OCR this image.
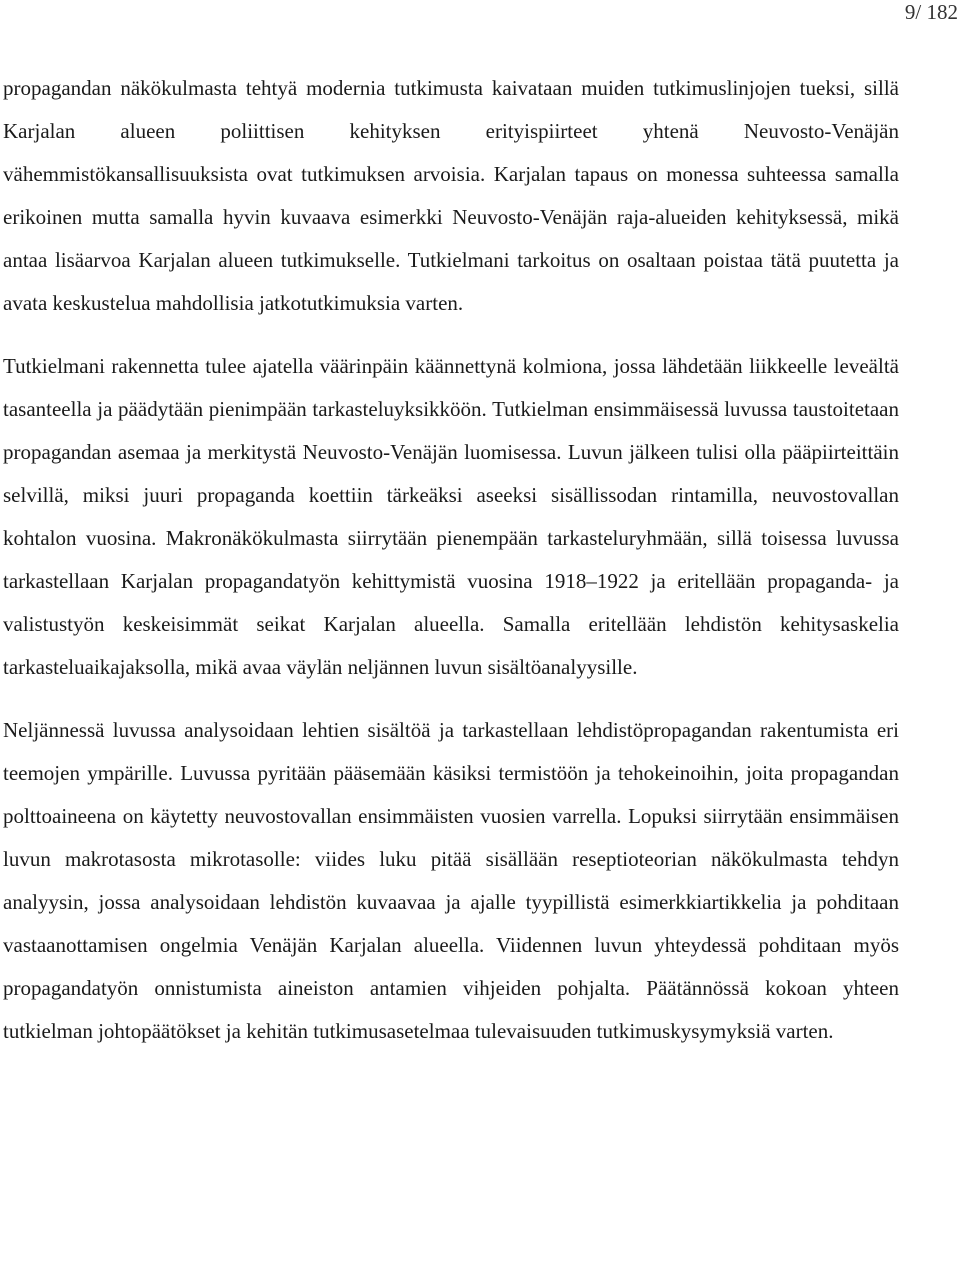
9/ 182

propagandan näkökulmasta tehtyä modernia tutkimusta kaivataan muiden tutkimuslinjojen tueksi, sillä Karjalan alueen poliittisen kehityksen erityispiirteet yhtenä Neuvosto-Venäjän vähemmistökansallisuuksista ovat tutkimuksen arvoisia. Karjalan tapaus on monessa suhteessa samalla erikoinen mutta samalla hyvin kuvaava esimerkki Neuvosto-Venäjän raja-alueiden kehityksessä, mikä antaa lisäarvoa Karjalan alueen tutkimukselle. Tutkielmani tarkoitus on osaltaan poistaa tätä puutetta ja avata keskustelua mahdollisia jatkotutkimuksia varten.

Tutkielmani rakennetta tulee ajatella väärinpäin käännettynä kolmiona, jossa lähdetään liikkeelle leveältä tasanteella ja päädytään pienimpään tarkasteluyksikköön. Tutkielman ensimmäisessä luvussa taustoitetaan propagandan asemaa ja merkitystä Neuvosto-Venäjän luomisessa. Luvun jälkeen tulisi olla pääpiirteittäin selvillä, miksi juuri propaganda koettiin tärkeäksi aseeksi sisällissodan rintamilla, neuvostovallan kohtalon vuosina. Makronäkökulmasta siirrytään pienempään tarkasteluryhmään, sillä toisessa luvussa tarkastellaan Karjalan propagandatyön kehittymistä vuosina 1918–1922 ja eritellään propaganda- ja valistustyön keskeisimmät seikat Karjalan alueella. Samalla eritellään lehdistön kehitysaskelia tarkasteluaikajaksolla, mikä avaa väylän neljännen luvun sisältöanalyysille.

Neljännessä luvussa analysoidaan lehtien sisältöä ja tarkastellaan lehdistöpropagandan rakentumista eri teemojen ympärille. Luvussa pyritään pääsemään käsiksi termistöön ja tehokeinoihin, joita propagandan polttoaineena on käytetty neuvostovallan ensimmäisten vuosien varrella. Lopuksi siirrytään ensimmäisen luvun makrotasosta mikrotasolle: viides luku pitää sisällään reseptioteorian näkökulmasta tehdyn analyysin, jossa analysoidaan lehdistön kuvaavaa ja ajalle tyypillistä esimerkkiartikkelia ja pohditaan vastaanottamisen ongelmia Venäjän Karjalan alueella. Viidennen luvun yhteydessä pohditaan myös propagandatyön onnistumista aineiston antamien vihjeiden pohjalta. Päätännössä kokoan yhteen tutkielman johtopäätökset ja kehitän tutkimusasetelmaa tulevaisuuden tutkimuskysymyksiä varten.
